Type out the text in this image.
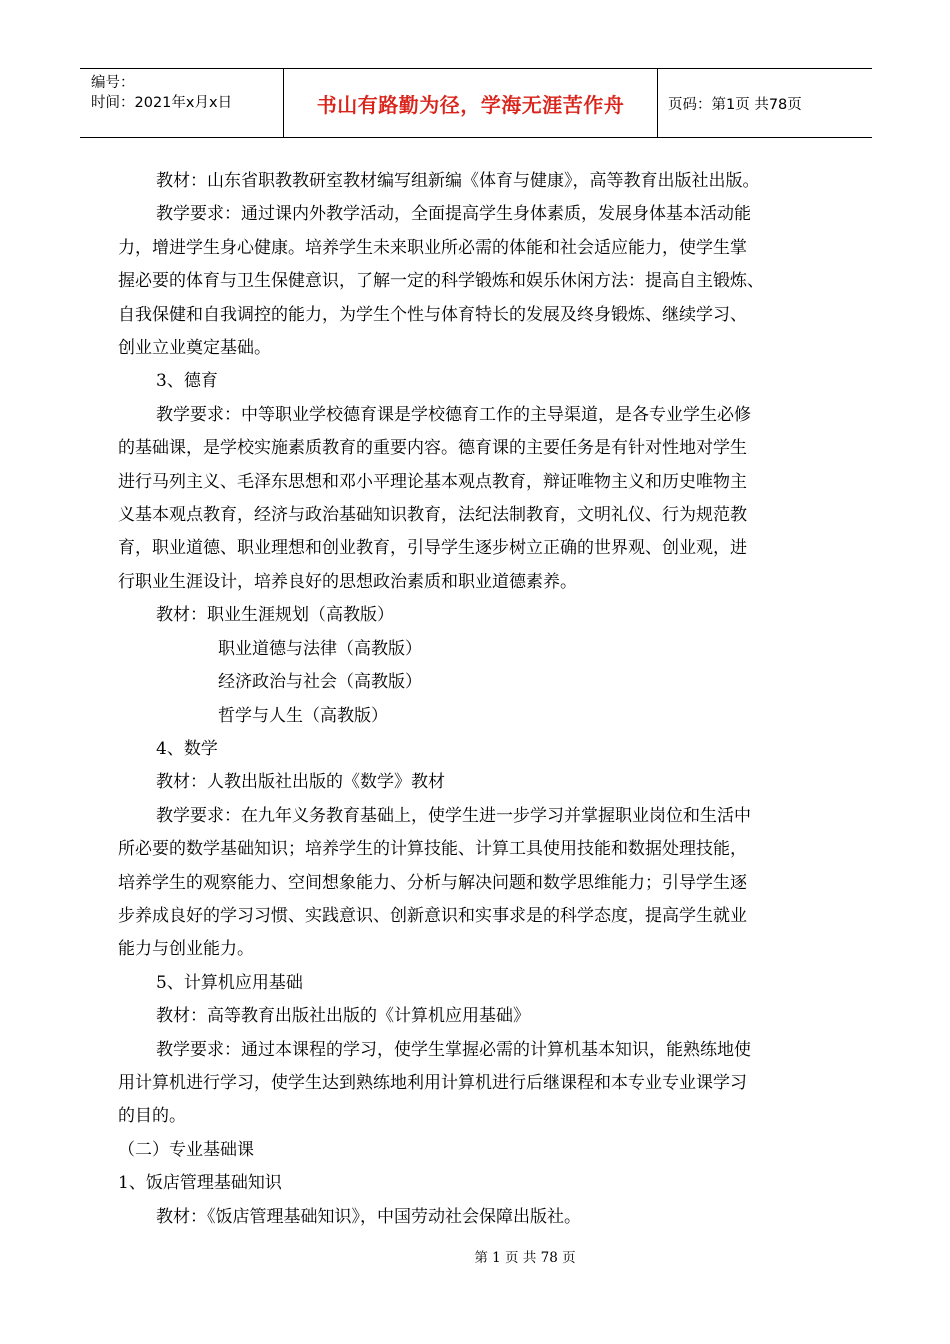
编号：
时间：2021年x月x日	书山有路勤为径，学海无涯苦作舟	页码：第1页 共78页

教材：山东省职教教研室教材编写组新编《体育与健康》，高等教育出版社出版。

教学要求：通过课内外教学活动，全面提高学生身体素质，发展身体基本活动能

力，增进学生身心健康。培养学生未来职业所必需的体能和社会适应能力，使学生掌

握必要的体育与卫生保健意识，了解一定的科学锻炼和娱乐休闲方法：提高自主锻炼、

自我保健和自我调控的能力，为学生个性与体育特长的发展及终身锻炼、继续学习、

创业立业奠定基础。

3、德育

教学要求：中等职业学校德育课是学校德育工作的主导渠道，是各专业学生必修

的基础课，是学校实施素质教育的重要内容。德育课的主要任务是有针对性地对学生

进行马列主义、毛泽东思想和邓小平理论基本观点教育，辩证唯物主义和历史唯物主

义基本观点教育，经济与政治基础知识教育，法纪法制教育，文明礼仪、行为规范教

育，职业道德、职业理想和创业教育，引导学生逐步树立正确的世界观、创业观，进

行职业生涯设计，培养良好的思想政治素质和职业道德素养。

教材：职业生涯规划（高教版）

职业道德与法律（高教版）

经济政治与社会（高教版）

哲学与人生（高教版）

4、数学

教材：人教出版社出版的《数学》教材

教学要求：在九年义务教育基础上，使学生进一步学习并掌握职业岗位和生活中

所必要的数学基础知识；培养学生的计算技能、计算工具使用技能和数据处理技能，

培养学生的观察能力、空间想象能力、分析与解决问题和数学思维能力；引导学生逐

步养成良好的学习习惯、实践意识、创新意识和实事求是的科学态度，提高学生就业

能力与创业能力。

5、计算机应用基础

教材：高等教育出版社出版的《计算机应用基础》

教学要求：通过本课程的学习，使学生掌握必需的计算机基本知识，能熟练地使

用计算机进行学习，使学生达到熟练地利用计算机进行后继课程和本专业专业课学习

的目的。

（二）专业基础课

1、饭店管理基础知识

教材：《饭店管理基础知识》，中国劳动社会保障出版社。

第 1 页 共 78 页
